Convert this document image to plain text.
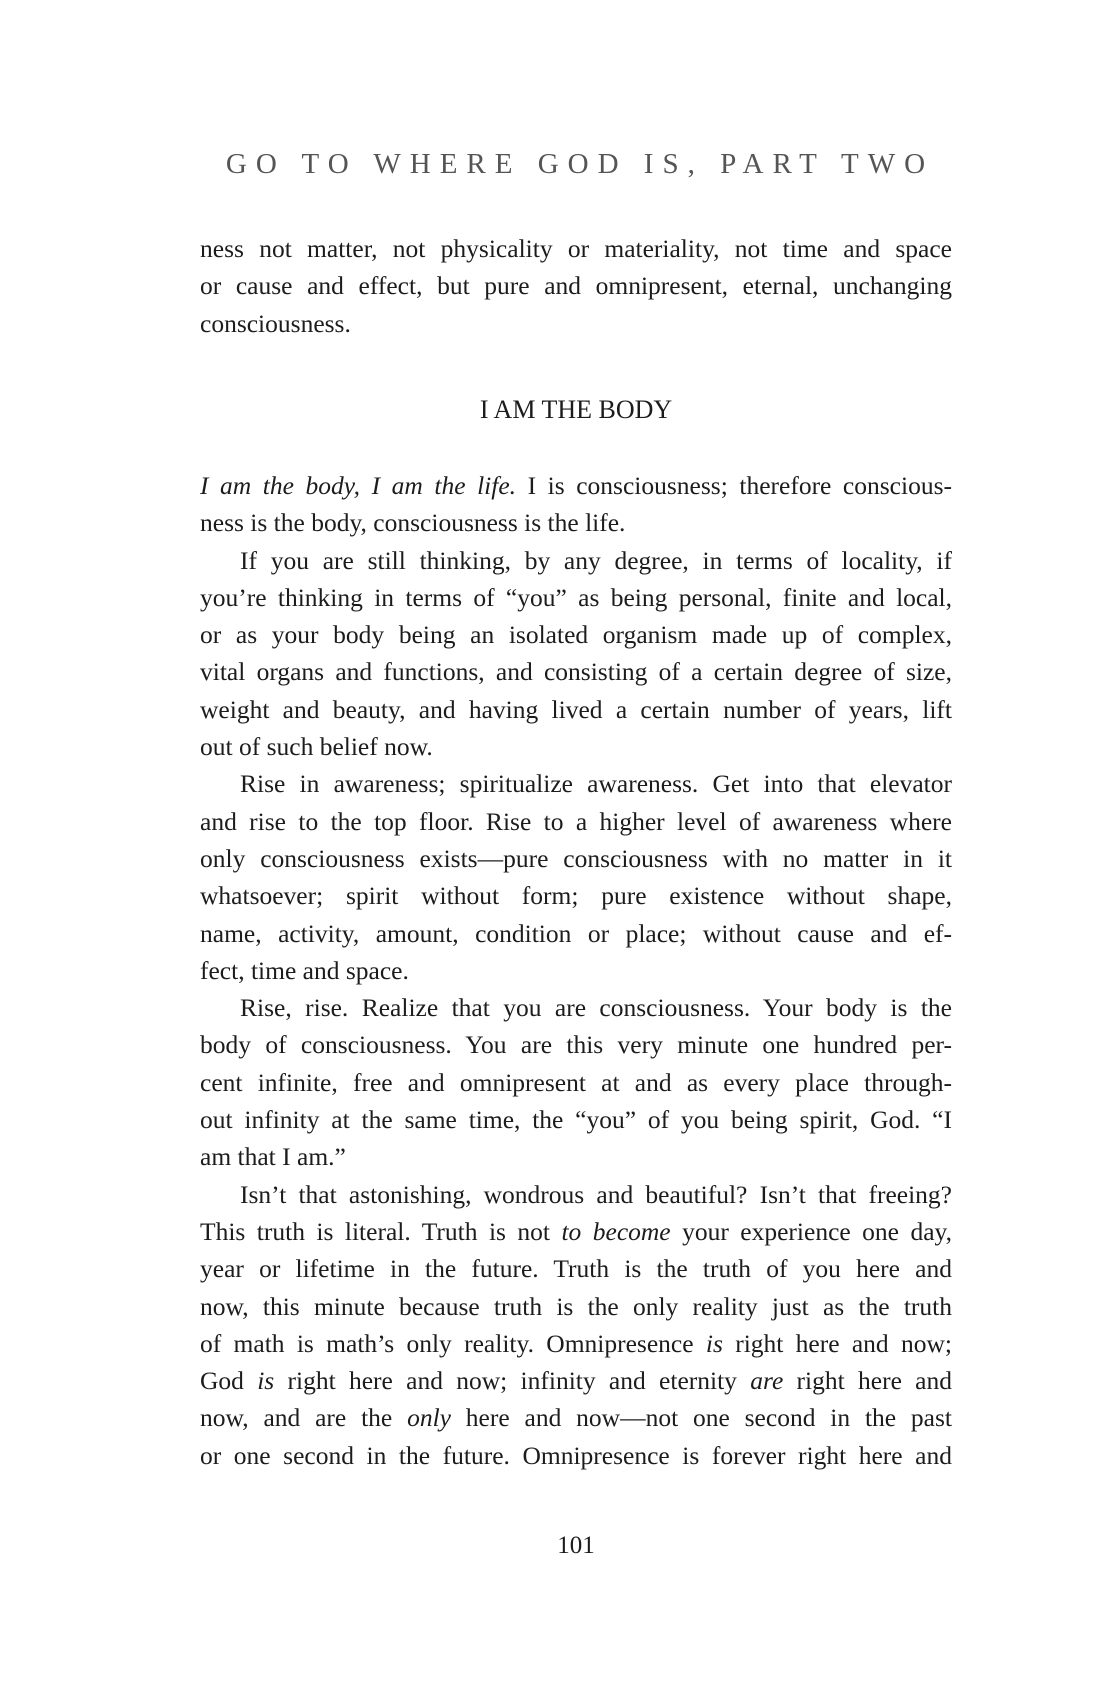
GO TO WHERE GOD IS, PART TWO
ness not matter, not physicality or materiality, not time and space
or cause and effect, but pure and omnipresent, eternal, unchanging
consciousness.
I AM THE BODY
I am the body, I am the life. I is consciousness; therefore conscious-
ness is the body, consciousness is the life.
If you are still thinking, by any degree, in terms of locality, if
you’re thinking in terms of “you” as being personal, finite and local,
or as your body being an isolated organism made up of complex,
vital organs and functions, and consisting of a certain degree of size,
weight and beauty, and having lived a certain number of years, lift
out of such belief now.
Rise in awareness; spiritualize awareness. Get into that elevator
and rise to the top floor. Rise to a higher level of awareness where
only consciousness exists—pure consciousness with no matter in it
whatsoever; spirit without form; pure existence without shape,
name, activity, amount, condition or place; without cause and ef-
fect, time and space.
Rise, rise. Realize that you are consciousness. Your body is the
body of consciousness. You are this very minute one hundred per-
cent infinite, free and omnipresent at and as every place through-
out infinity at the same time, the “you” of you being spirit, God. “I
am that I am.”
Isn’t that astonishing, wondrous and beautiful? Isn’t that freeing?
This truth is literal. Truth is not to become your experience one day,
year or lifetime in the future. Truth is the truth of you here and
now, this minute because truth is the only reality just as the truth
of math is math’s only reality. Omnipresence is right here and now;
God is right here and now; infinity and eternity are right here and
now, and are the only here and now—not one second in the past
or one second in the future. Omnipresence is forever right here and
101
